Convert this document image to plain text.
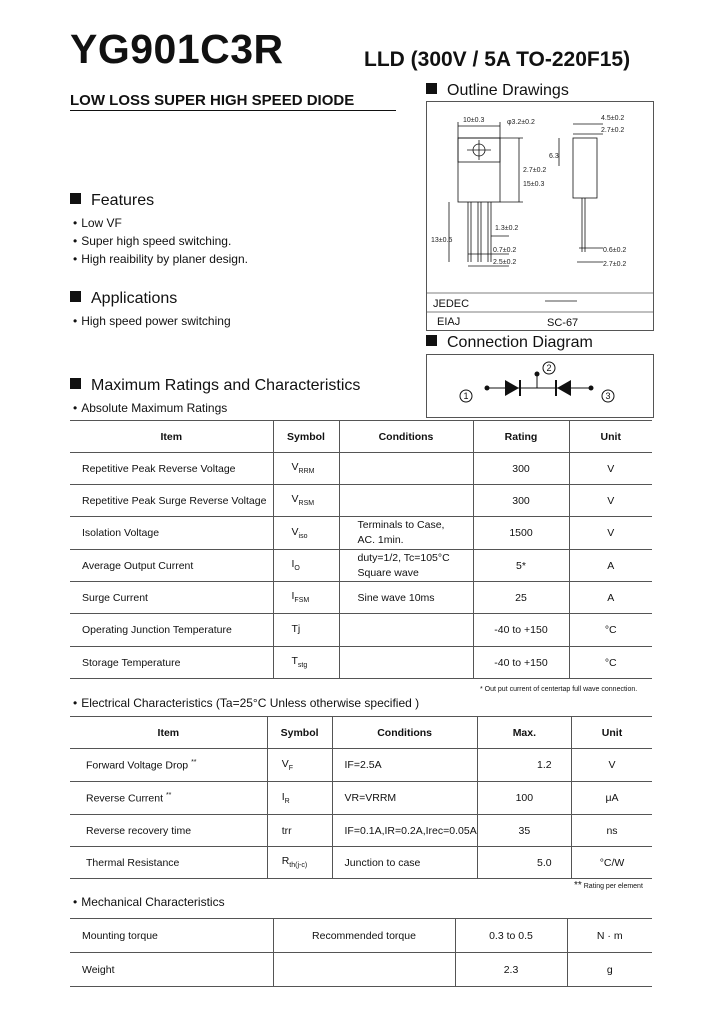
YG901C3R	LLD (300V / 5A TO-220F15)
LOW LOSS SUPER HIGH SPEED DIODE
Outline Drawings
10±0.3	φ3.2±0.2
4.5±0.2
2.7±0.2
6.3
2.7±0.2
15±0.3
1.3±0.2
13±0.5
0.7±0.2
2.5±0.2
0.6±0.2
2.7±0.2
JEDEC
EIAJ	SC-67
Connection Diagram
1
2
3
Features
• Low VF
• Super high speed switching.
• High reaibility by planer design.
Applications
• High speed power switching
Maximum Ratings and Characteristics
• Absolute Maximum Ratings
Item	Symbol	Conditions	Rating	Unit
Repetitive Peak Reverse Voltage	$V_{RRM}$		300	V
Repetitive Peak Surge Reverse Voltage	$V_{RSM}$		300	V
Isolation Voltage	$V_{iso}$	Terminals to Case,
AC. 1min.	1500	V
Average Output Current	$I_O$	duty=1/2, Tc=105°C
Square wave	5*	A
Surge Current	$I_{FSM}$	Sine wave 10ms	25	A
Operating Junction Temperature	Tj		-40 to +150	°C
Storage Temperature	$T_{stg}$		-40 to +150	°C
* Out put current of centertap full wave connection.
• Electrical Characteristics (Ta=25°C Unless otherwise specified )
Item	Symbol	Conditions	Max.	Unit
Forward Voltage Drop **	$V_F$	IF=2.5A	1.2	V
Reverse Current **	$I_R$	VR=VRRM	100	μA
Reverse recovery time	trr	IF=0.1A,IR=0.2A,Irec=0.05A	35	ns
Thermal Resistance	$R_{th(j-c)}$	Junction to case	5.0	°C/W
** Rating per element
• Mechanical Characteristics
Mounting torque	Recommended torque	0.3 to 0.5	N · m
Weight		2.3	g
